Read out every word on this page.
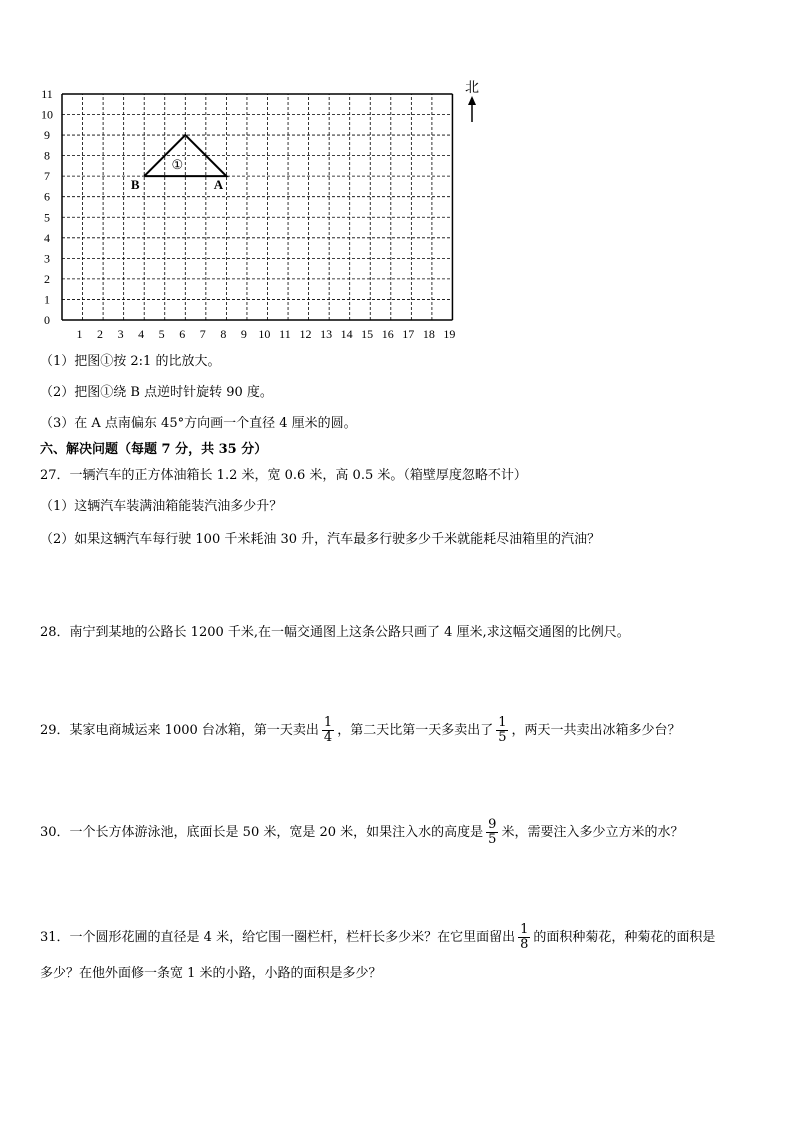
0
1
2
3
4
5
6
7
8
9
10
11
1 2 3 4 5 6 7 8 9 10 11 12 13 14 15 16 17 18 19
①
B	A
北
（1）把图①按 2:1 的比放大。
（2）把图①绕 B 点逆时针旋转 90 度。
（3）在 A 点南偏东 45°方向画一个直径 4 厘米的圆。
六、解决问题（每题 7 分，共 35 分）
27．一辆汽车的正方体油箱长 1.2 米，宽 0.6 米，高 0.5 米。（箱壁厚度忽略不计）
（1）这辆汽车装满油箱能装汽油多少升？
（2）如果这辆汽车每行驶 100 千米耗油 30 升，汽车最多行驶多少千米就能耗尽油箱里的汽油？
28．南宁到某地的公路长 1200 千米,在一幅交通图上这条公路只画了 4 厘米,求这幅交通图的比例尺。
29．某家电商城运来 1000 台冰箱，第一天卖出 $\frac{1}{4}$ ，第二天比第一天多卖出了 $\frac{1}{5}$ ，两天一共卖出冰箱多少台？
30．一个长方体游泳池，底面长是 50 米，宽是 20 米，如果注入水的高度是 $\frac{9}{5}$ 米，需要注入多少立方米的水？
31．一个圆形花圃的直径是 4 米，给它围一圈栏杆，栏杆长多少米？在它里面留出 $\frac{1}{8}$ 的面积种菊花，种菊花的面积是
多少？在他外面修一条宽 1 米的小路，小路的面积是多少？
